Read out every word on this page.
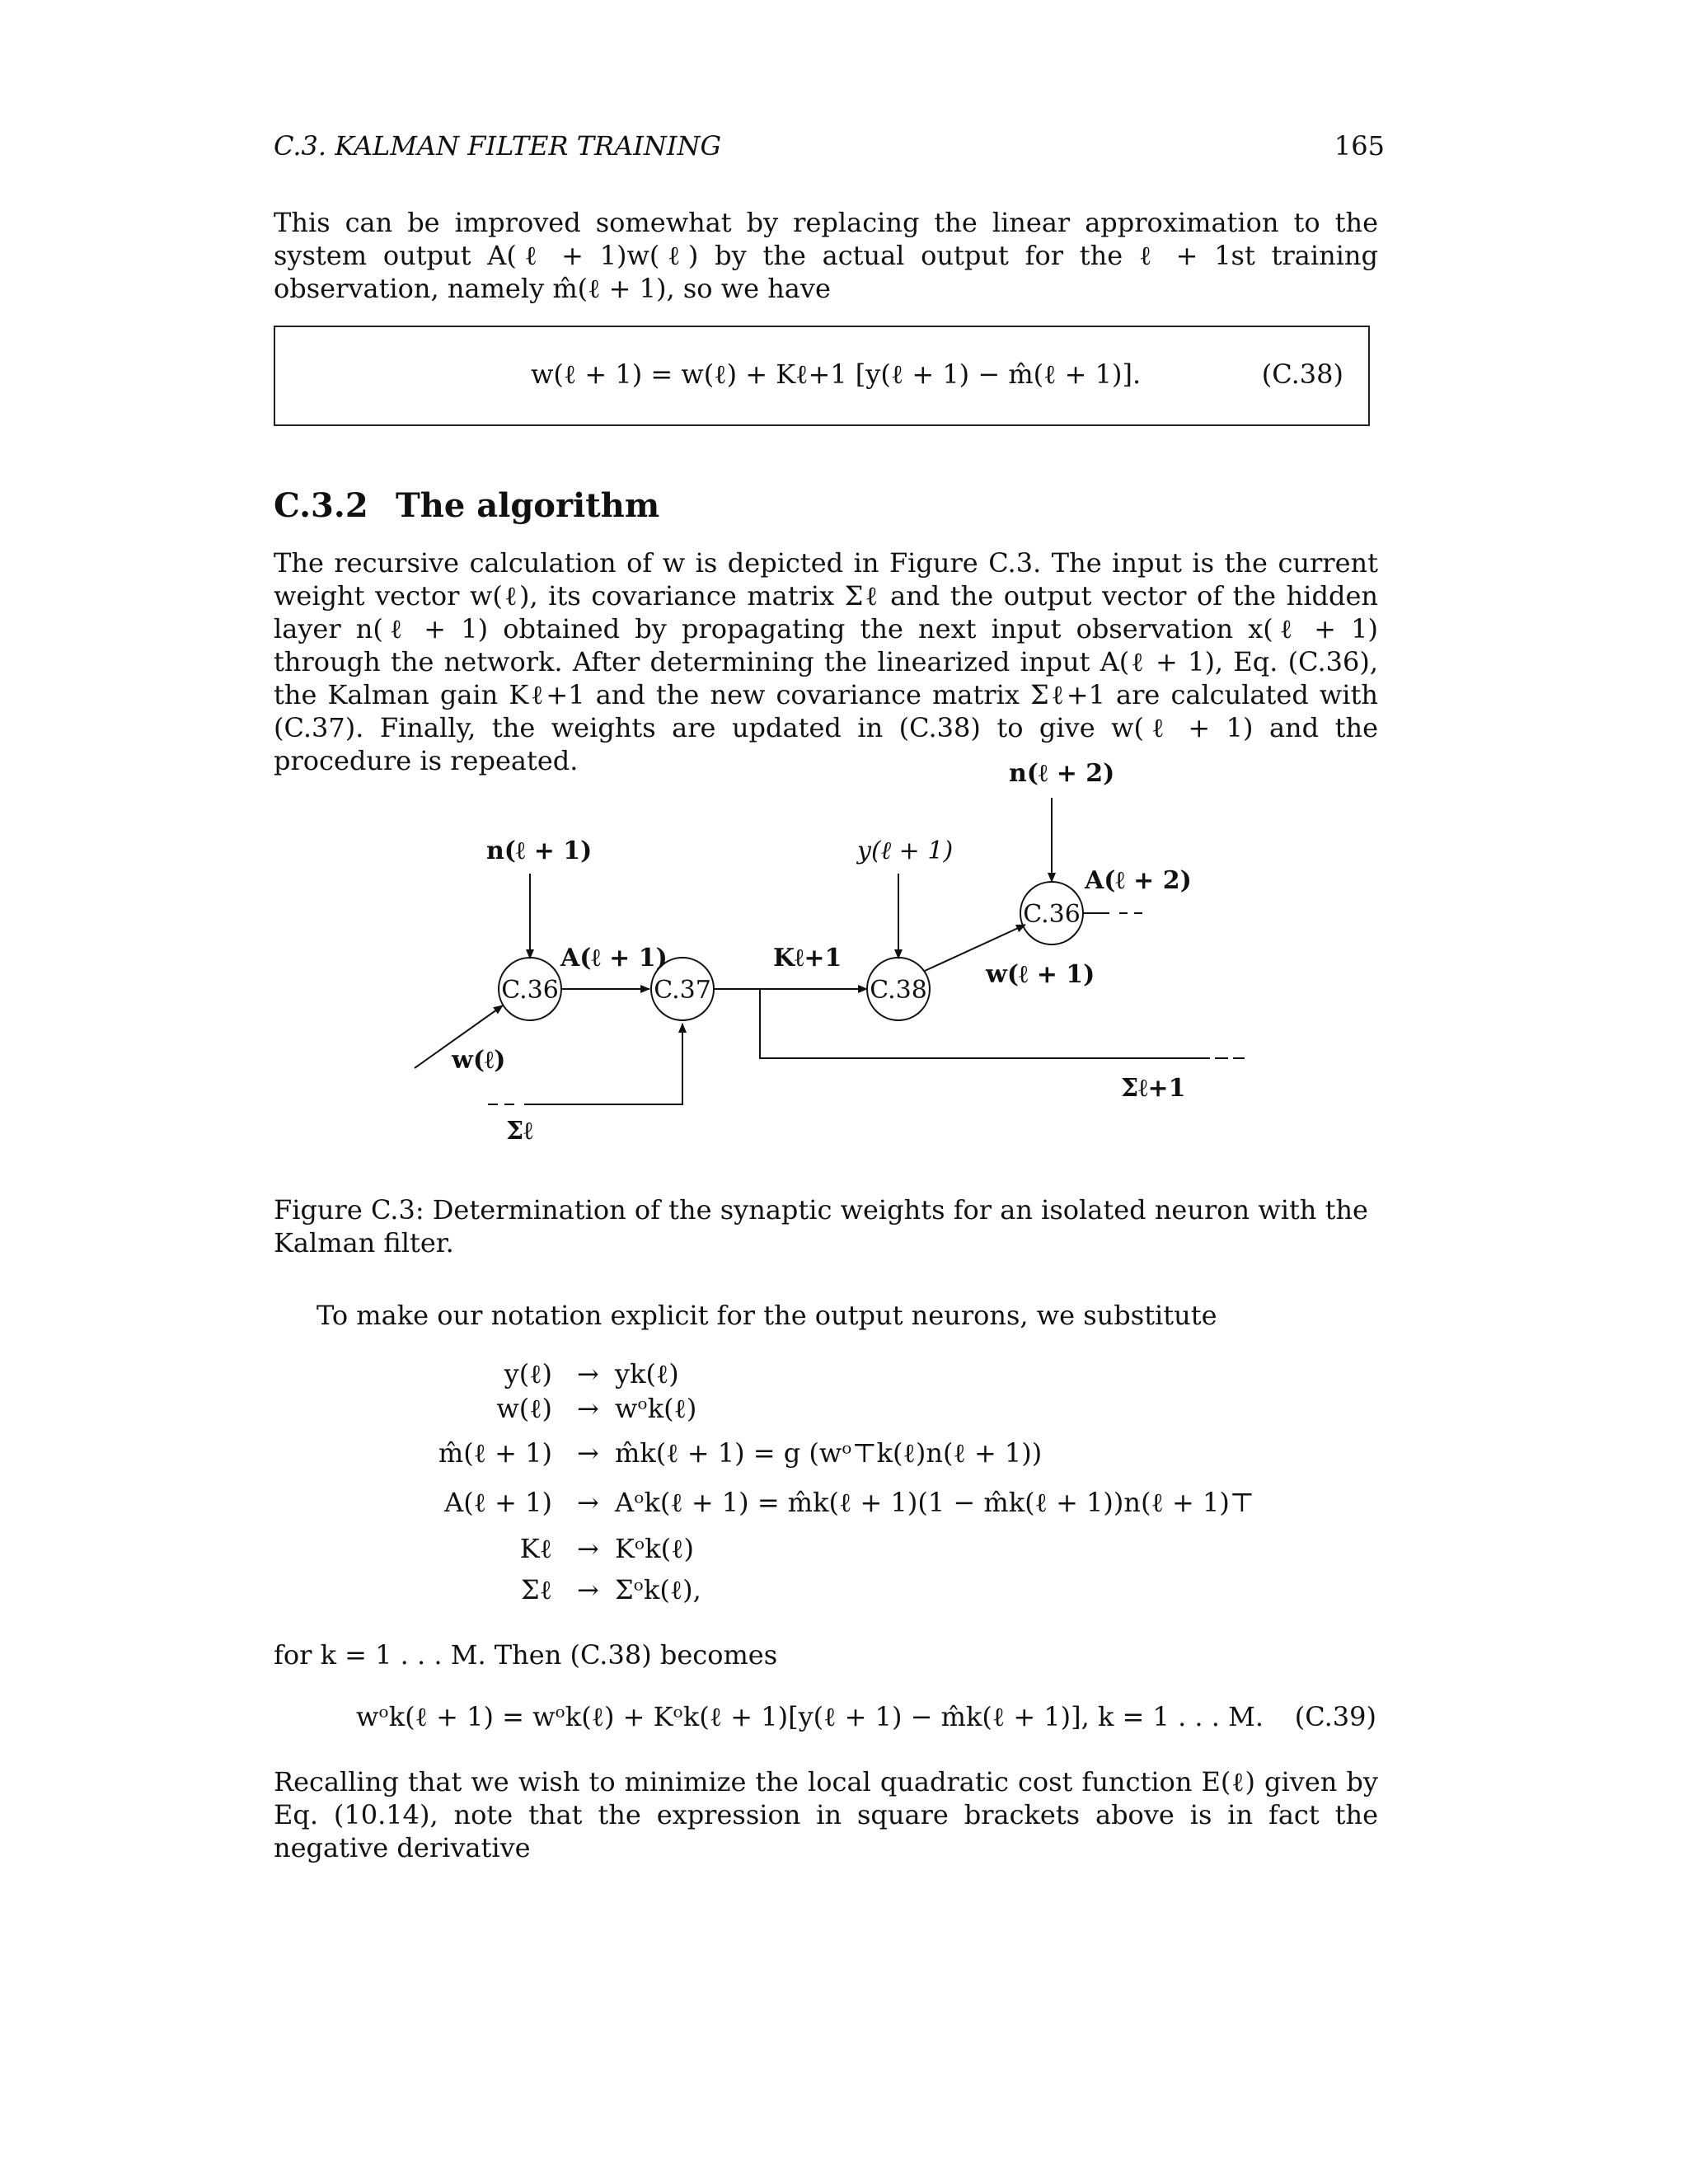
C.3. KALMAN FILTER TRAINING	165
This can be improved somewhat by replacing the linear approximation to the system output A(ℓ + 1)w(ℓ) by the actual output for the ℓ + 1st training observation, namely m̂(ℓ + 1), so we have
w(ℓ + 1) = w(ℓ) + Kℓ+1 [y(ℓ + 1) − m̂(ℓ + 1)].	(C.38)
C.3.2 The algorithm
The recursive calculation of w is depicted in Figure C.3. The input is the current weight vector w(ℓ), its covariance matrix Σℓ and the output vector of the hidden layer n(ℓ + 1) obtained by propagating the next input observation x(ℓ + 1) through the network. After determining the linearized input A(ℓ + 1), Eq. (C.36), the Kalman gain Kℓ+1 and the new covariance matrix Σℓ+1 are calculated with (C.37). Finally, the weights are updated in (C.38) to give w(ℓ + 1) and the procedure is repeated.
C.36	C.37	C.38
C.36
n(ℓ + 1)
n(ℓ + 2)
y(ℓ + 1)
A(ℓ + 1)
A(ℓ + 2)
Kℓ+1
w(ℓ)
w(ℓ + 1)
Σℓ
Σℓ+1
Figure C.3: Determination of the synaptic weights for an isolated neuron with the Kalman filter.
To make our notation explicit for the output neurons, we substitute
y(ℓ) → yk(ℓ)
w(ℓ) → wᵒk(ℓ)
m̂(ℓ + 1) → m̂k(ℓ + 1) = g (wᵒ⊤k(ℓ)n(ℓ + 1))
A(ℓ + 1) → Aᵒk(ℓ + 1) = m̂k(ℓ + 1)(1 − m̂k(ℓ + 1))n(ℓ + 1)⊤
Kℓ → Kᵒk(ℓ)
Σℓ → Σᵒk(ℓ),
for k = 1 . . . M. Then (C.38) becomes
wᵒk(ℓ + 1) = wᵒk(ℓ) + Kᵒk(ℓ + 1)[y(ℓ + 1) − m̂k(ℓ + 1)], k = 1 . . . M.	(C.39)
Recalling that we wish to minimize the local quadratic cost function E(ℓ) given by Eq. (10.14), note that the expression in square brackets above is in fact the negative derivative
